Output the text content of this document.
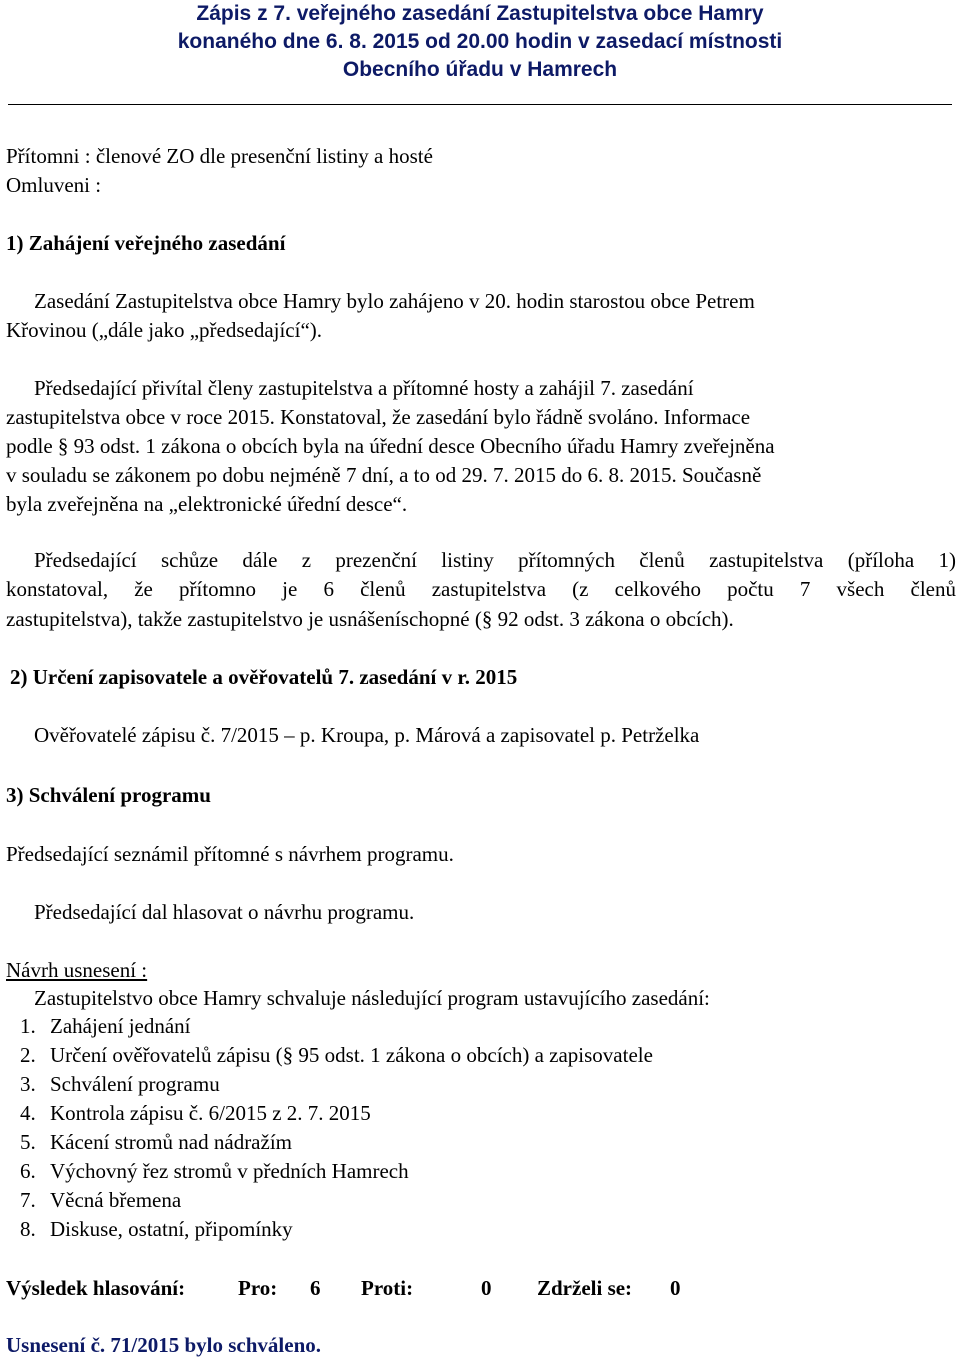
Zápis z 7. veřejného zasedání Zastupitelstva obce Hamry
konaného dne 6. 8. 2015 od 20.00 hodin v zasedací místnosti
Obecního úřadu v Hamrech
Přítomni : členové ZO dle presenční listiny a hosté
Omluveni :
1) Zahájení veřejného zasedání
Zasedání Zastupitelstva obce Hamry bylo zahájeno v 20. hodin starostou obce Petrem
Křovinou („dále jako „předsedající“).
Předsedající přivítal členy zastupitelstva a přítomné hosty a zahájil 7. zasedání
zastupitelstva obce v roce 2015. Konstatoval, že zasedání bylo řádně svoláno. Informace
podle § 93 odst. 1 zákona o obcích byla na úřední desce Obecního úřadu Hamry zveřejněna
v souladu se zákonem po dobu nejméně 7 dní, a to od 29. 7. 2015 do 6. 8. 2015. Současně
byla zveřejněna na „elektronické úřední desce“.
Předsedající schůze dále z prezenční listiny přítomných členů zastupitelstva (příloha 1)
konstatoval, že přítomno je 6 členů zastupitelstva (z celkového počtu 7 všech členů
zastupitelstva), takže zastupitelstvo je usnášeníschopné (§ 92 odst. 3 zákona o obcích).
2) Určení zapisovatele a ověřovatelů 7. zasedání v r. 2015
Ověřovatelé zápisu č. 7/2015 – p. Kroupa, p. Márová a zapisovatel p. Petrželka
3) Schválení programu
Předsedající seznámil přítomné s návrhem programu.
Předsedající dal hlasovat o návrhu programu.
Návrh usnesení :
Zastupitelstvo obce Hamry schvaluje následující program ustavujícího zasedání:
1. Zahájení jednání
2. Určení ověřovatelů zápisu (§ 95 odst. 1 zákona o obcích) a zapisovatele
3. Schválení programu
4. Kontrola zápisu č. 6/2015 z 2. 7. 2015
5. Kácení stromů nad nádražím
6. Výchovný řez stromů v předních Hamrech
7. Věcná břemena
8. Diskuse, ostatní, připomínky
Výsledek hlasování:	Pro: 6 Proti:	0 Zdrželi se: 0
Usnesení č. 71/2015 bylo schváleno.
